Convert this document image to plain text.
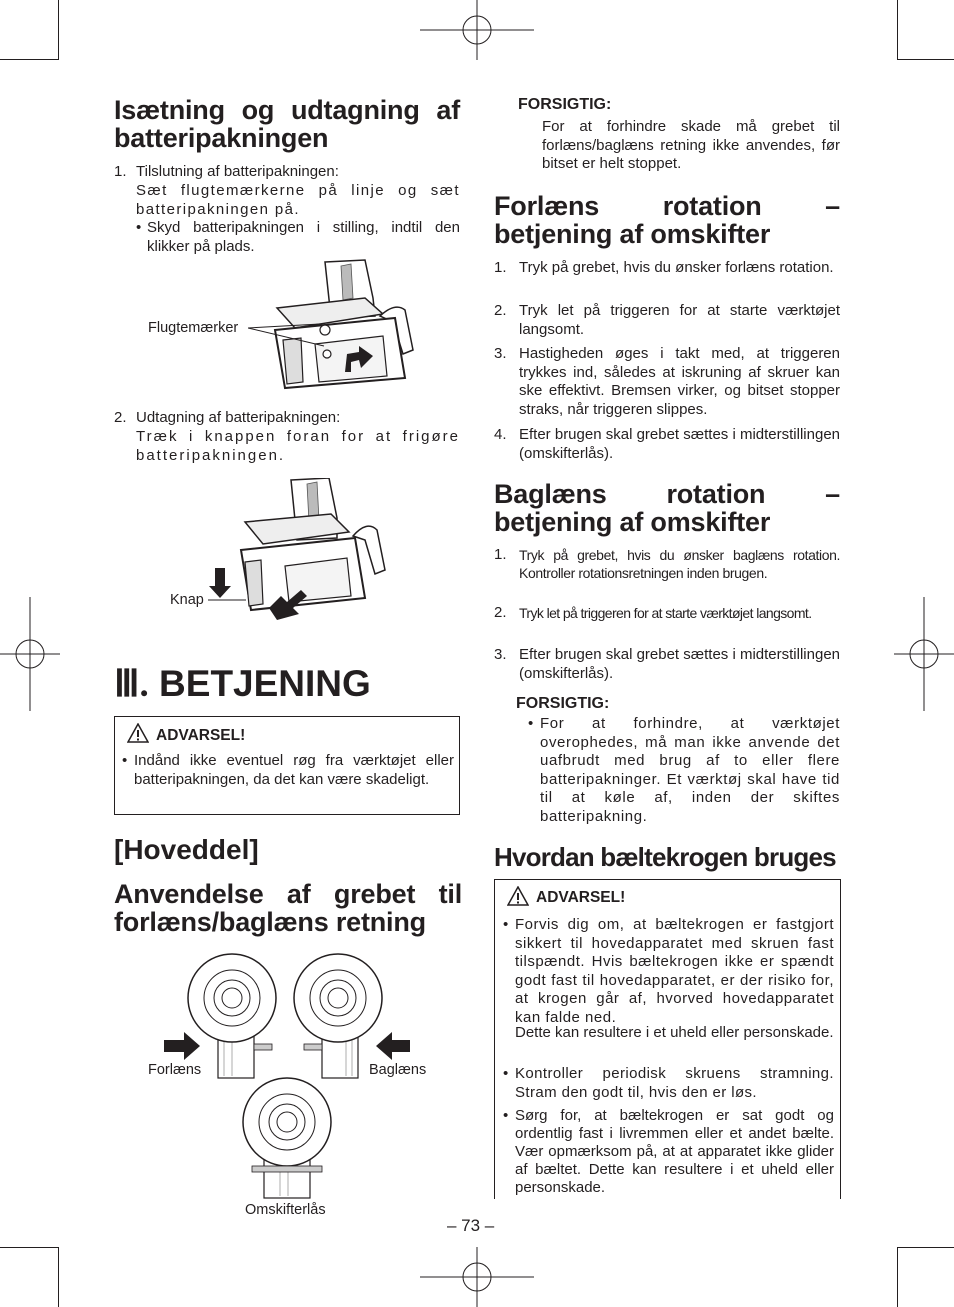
Isætning og udtagning af batteripakningen
1. Tilslutning af batteripakningen:
Sæt flugtemærkerne på linje og sæt batteripakningen på.
• Skyd batteripakningen i stilling, indtil den klikker på plads.
Flugtemærker
2. Udtagning af batteripakningen:
Træk i knappen foran for at frigøre batteripakningen.
Knap
Ⅲ. BETJENING
ADVARSEL!
• Indånd ikke eventuel røg fra værktøjet eller batteripakningen, da det kan være skadeligt.
[Hoveddel]
Anvendelse af grebet til forlæns/baglæns retning
Forlæns	Baglæns
Omskifterlås
FORSIGTIG:
For at forhindre skade må grebet til forlæns/baglæns retning ikke anvendes, før bitset er helt stoppet.
Forlæns rotation – betjening af omskifter
1. Tryk på grebet, hvis du ønsker forlæns rotation.
2. Tryk let på triggeren for at starte værktøjet langsomt.
3. Hastigheden øges i takt med, at triggeren trykkes ind, således at iskruning af skruer kan ske effektivt. Bremsen virker, og bitset stopper straks, når triggeren slippes.
4. Efter brugen skal grebet sættes i midterstillingen (omskifterlås).
Baglæns rotation – betjening af omskifter
1. Tryk på grebet, hvis du ønsker baglæns rotation. Kontroller rotationsretningen inden brugen.
2. Tryk let på triggeren for at starte værktøjet langsomt.
3. Efter brugen skal grebet sættes i midterstillingen (omskifterlås).
FORSIGTIG:
• For at forhindre, at værktøjet overophedes, må man ikke anvende det uafbrudt med brug af to eller flere batteripakninger. Et værktøj skal have tid til at køle af, inden der skiftes batteripakning.
Hvordan bæltekrogen bruges
ADVARSEL!
• Forvis dig om, at bæltekrogen er fastgjort sikkert til hovedapparatet med skruen fast tilspændt. Hvis bæltekrogen ikke er spændt godt fast til hovedapparatet, er der risiko for, at krogen går af, hvorved hovedapparatet kan falde ned.
Dette kan resultere i et uheld eller personskade.
• Kontroller periodisk skruens stramning. Stram den godt til, hvis den er løs.
• Sørg for, at bæltekrogen er sat godt og ordentlig fast i livremmen eller et andet bælte. Vær opmærksom på, at at apparatet ikke glider af bæltet. Dette kan resultere i et uheld eller personskade.
– 73 –
